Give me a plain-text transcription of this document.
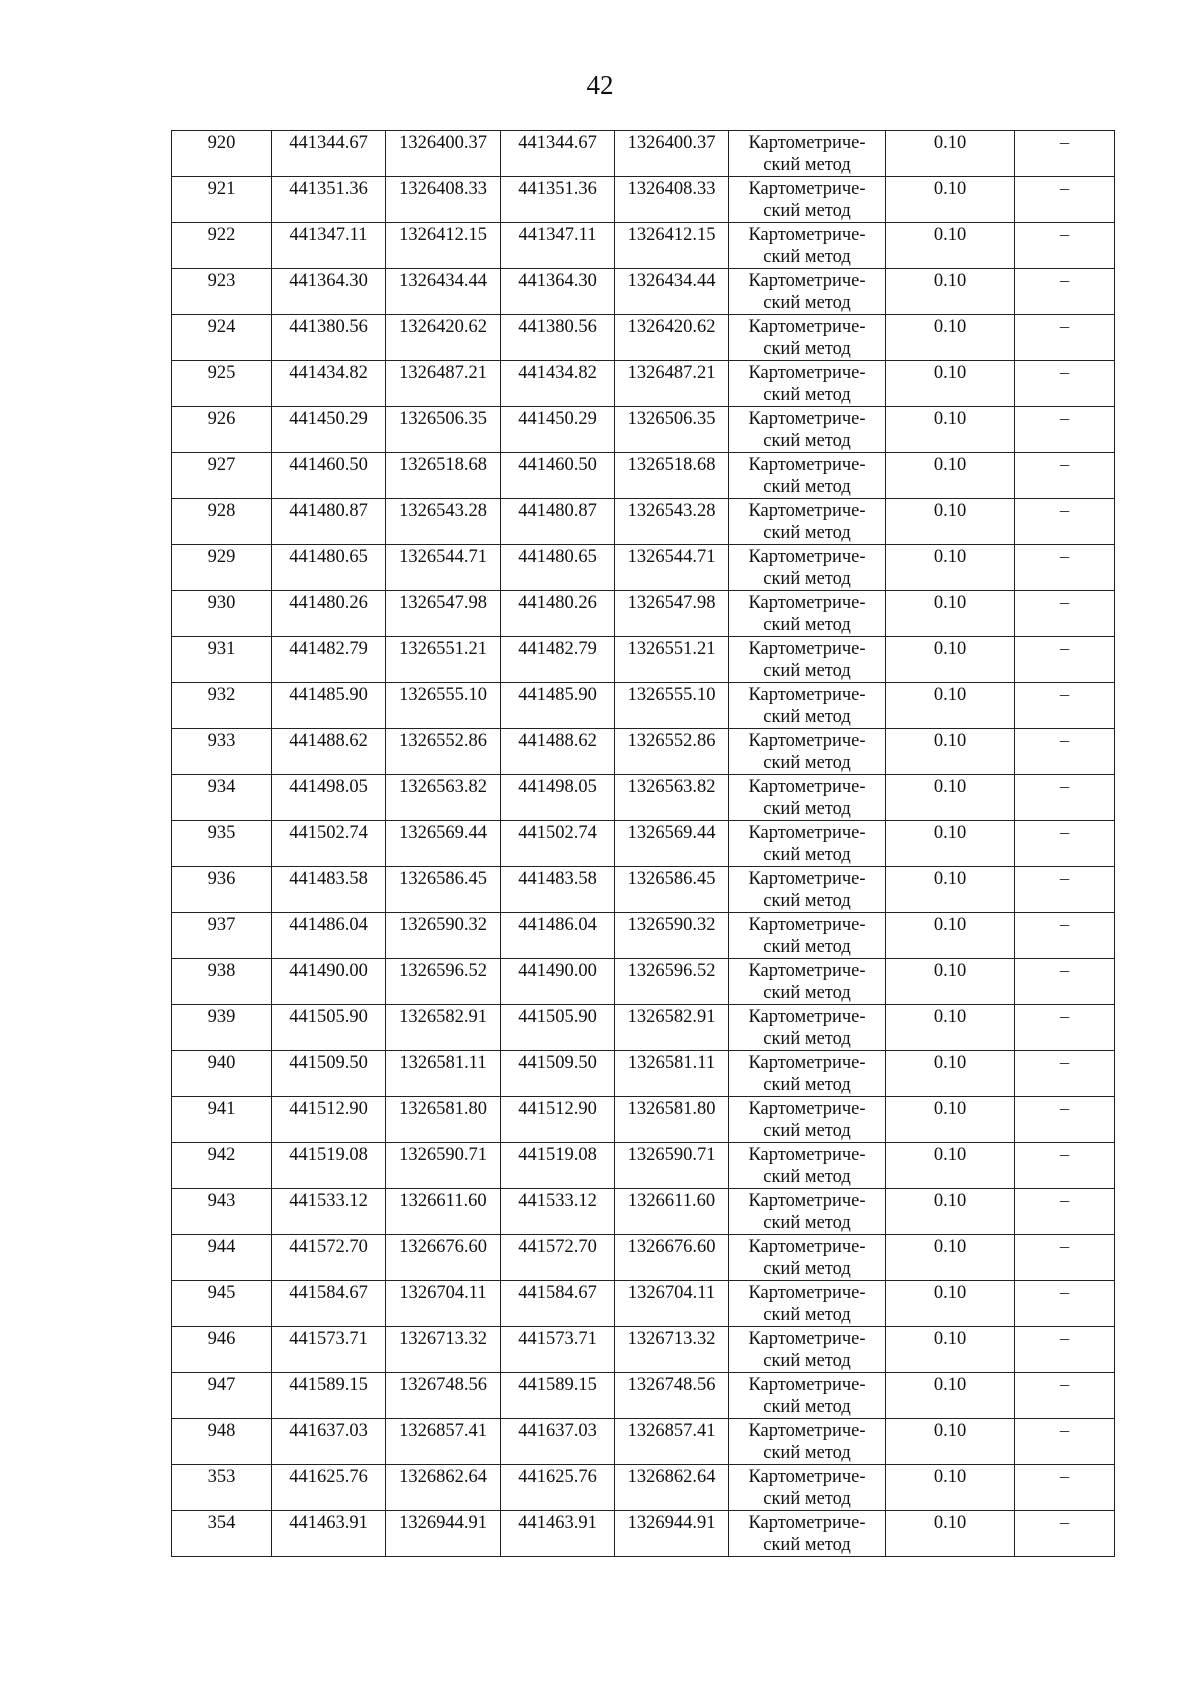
42
920	441344.67	1326400.37	441344.67	1326400.37	Картометриче-
ский метод	0.10	–

921	441351.36	1326408.33	441351.36	1326408.33	Картометриче-
ский метод	0.10	–

922	441347.11	1326412.15	441347.11	1326412.15	Картометриче-
ский метод	0.10	–

923	441364.30	1326434.44	441364.30	1326434.44	Картометриче-
ский метод	0.10	–

924	441380.56	1326420.62	441380.56	1326420.62	Картометриче-
ский метод	0.10	–

925	441434.82	1326487.21	441434.82	1326487.21	Картометриче-
ский метод	0.10	–

926	441450.29	1326506.35	441450.29	1326506.35	Картометриче-
ский метод	0.10	–

927	441460.50	1326518.68	441460.50	1326518.68	Картометриче-
ский метод	0.10	–

928	441480.87	1326543.28	441480.87	1326543.28	Картометриче-
ский метод	0.10	–

929	441480.65	1326544.71	441480.65	1326544.71	Картометриче-
ский метод	0.10	–

930	441480.26	1326547.98	441480.26	1326547.98	Картометриче-
ский метод	0.10	–

931	441482.79	1326551.21	441482.79	1326551.21	Картометриче-
ский метод	0.10	–

932	441485.90	1326555.10	441485.90	1326555.10	Картометриче-
ский метод	0.10	–

933	441488.62	1326552.86	441488.62	1326552.86	Картометриче-
ский метод	0.10	–

934	441498.05	1326563.82	441498.05	1326563.82	Картометриче-
ский метод	0.10	–

935	441502.74	1326569.44	441502.74	1326569.44	Картометриче-
ский метод	0.10	–

936	441483.58	1326586.45	441483.58	1326586.45	Картометриче-
ский метод	0.10	–

937	441486.04	1326590.32	441486.04	1326590.32	Картометриче-
ский метод	0.10	–

938	441490.00	1326596.52	441490.00	1326596.52	Картометриче-
ский метод	0.10	–

939	441505.90	1326582.91	441505.90	1326582.91	Картометриче-
ский метод	0.10	–

940	441509.50	1326581.11	441509.50	1326581.11	Картометриче-
ский метод	0.10	–

941	441512.90	1326581.80	441512.90	1326581.80	Картометриче-
ский метод	0.10	–

942	441519.08	1326590.71	441519.08	1326590.71	Картометриче-
ский метод	0.10	–

943	441533.12	1326611.60	441533.12	1326611.60	Картометриче-
ский метод	0.10	–

944	441572.70	1326676.60	441572.70	1326676.60	Картометриче-
ский метод	0.10	–

945	441584.67	1326704.11	441584.67	1326704.11	Картометриче-
ский метод	0.10	–

946	441573.71	1326713.32	441573.71	1326713.32	Картометриче-
ский метод	0.10	–

947	441589.15	1326748.56	441589.15	1326748.56	Картометриче-
ский метод	0.10	–

948	441637.03	1326857.41	441637.03	1326857.41	Картометриче-
ский метод	0.10	–

353	441625.76	1326862.64	441625.76	1326862.64	Картометриче-
ский метод	0.10	–

354	441463.91	1326944.91	441463.91	1326944.91	Картометриче-
ский метод	0.10	–
